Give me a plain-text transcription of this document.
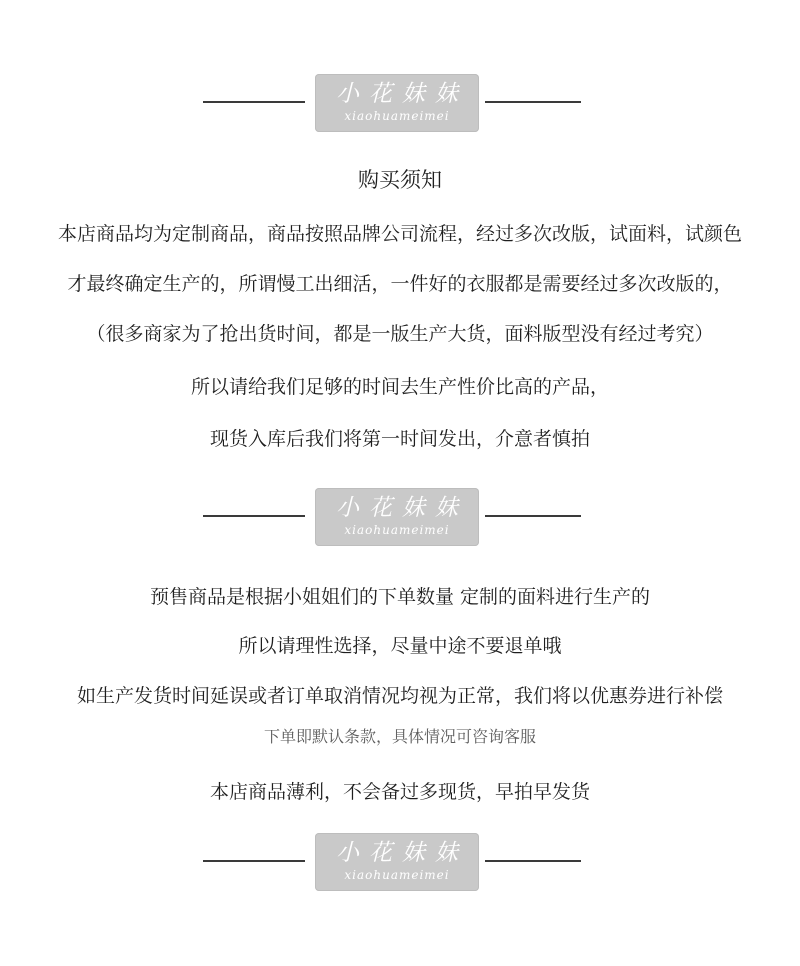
小花妹妹
xiaohuameimei
购买须知
本店商品均为定制商品，商品按照品牌公司流程，经过多次改版，试面料，试颜色
才最终确定生产的，所谓慢工出细活，一件好的衣服都是需要经过多次改版的，
（很多商家为了抢出货时间，都是一版生产大货，面料版型没有经过考究）
所以请给我们足够的时间去生产性价比高的产品，
现货入库后我们将第一时间发出，介意者慎拍
小花妹妹
xiaohuameimei
预售商品是根据小姐姐们的下单数量 定制的面料进行生产的
所以请理性选择，尽量中途不要退单哦
如生产发货时间延误或者订单取消情况均视为正常，我们将以优惠券进行补偿
下单即默认条款，具体情况可咨询客服
本店商品薄利，不会备过多现货，早拍早发货
小花妹妹
xiaohuameimei
